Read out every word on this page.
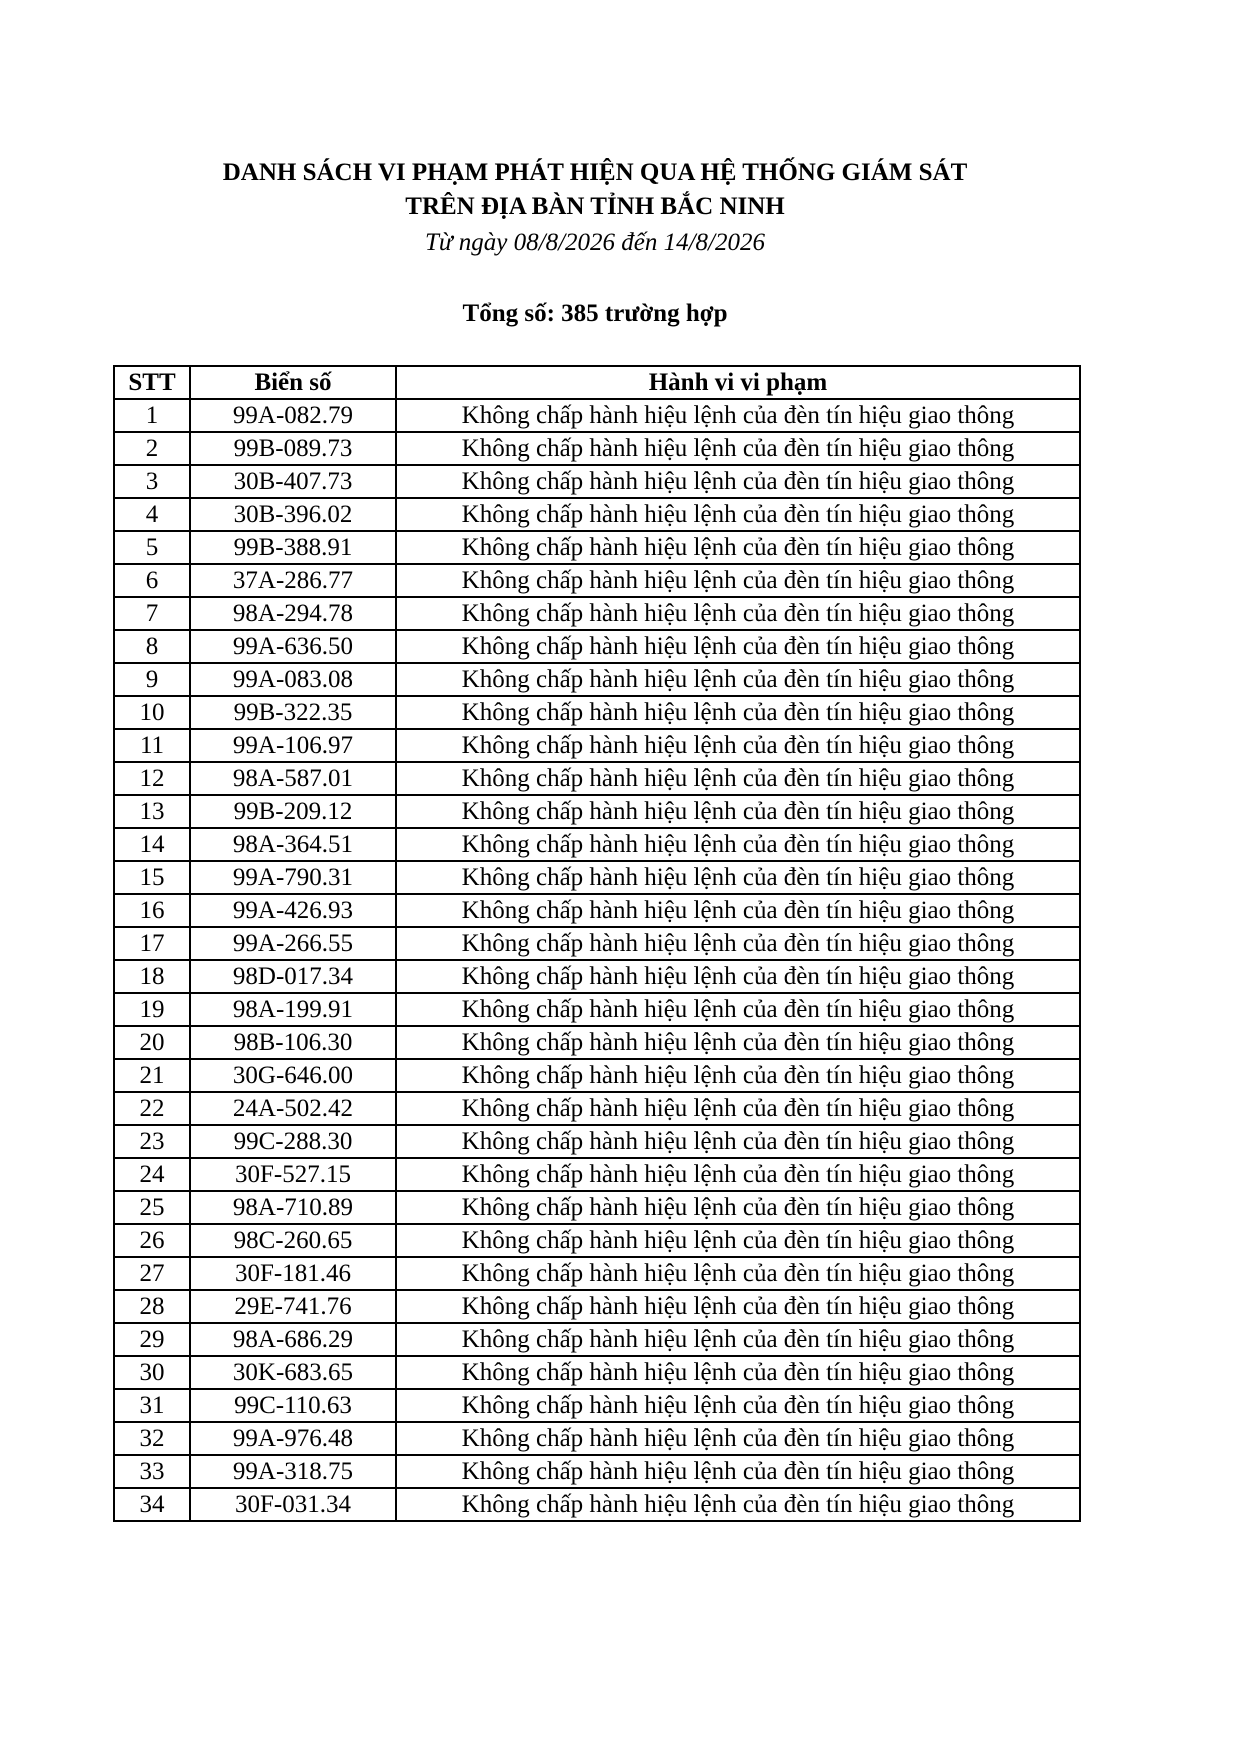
DANH SÁCH VI PHẠM PHÁT HIỆN QUA HỆ THỐNG GIÁM SÁT
TRÊN ĐỊA BÀN TỈNH BẮC NINH
Từ ngày 08/8/2026 đến 14/8/2026
Tổng số: 385 trường hợp
STT	Biển số	Hành vi vi phạm
1	99A-082.79	Không chấp hành hiệu lệnh của đèn tín hiệu giao thông
2	99B-089.73	Không chấp hành hiệu lệnh của đèn tín hiệu giao thông
3	30B-407.73	Không chấp hành hiệu lệnh của đèn tín hiệu giao thông
4	30B-396.02	Không chấp hành hiệu lệnh của đèn tín hiệu giao thông
5	99B-388.91	Không chấp hành hiệu lệnh của đèn tín hiệu giao thông
6	37A-286.77	Không chấp hành hiệu lệnh của đèn tín hiệu giao thông
7	98A-294.78	Không chấp hành hiệu lệnh của đèn tín hiệu giao thông
8	99A-636.50	Không chấp hành hiệu lệnh của đèn tín hiệu giao thông
9	99A-083.08	Không chấp hành hiệu lệnh của đèn tín hiệu giao thông
10	99B-322.35	Không chấp hành hiệu lệnh của đèn tín hiệu giao thông
11	99A-106.97	Không chấp hành hiệu lệnh của đèn tín hiệu giao thông
12	98A-587.01	Không chấp hành hiệu lệnh của đèn tín hiệu giao thông
13	99B-209.12	Không chấp hành hiệu lệnh của đèn tín hiệu giao thông
14	98A-364.51	Không chấp hành hiệu lệnh của đèn tín hiệu giao thông
15	99A-790.31	Không chấp hành hiệu lệnh của đèn tín hiệu giao thông
16	99A-426.93	Không chấp hành hiệu lệnh của đèn tín hiệu giao thông
17	99A-266.55	Không chấp hành hiệu lệnh của đèn tín hiệu giao thông
18	98D-017.34	Không chấp hành hiệu lệnh của đèn tín hiệu giao thông
19	98A-199.91	Không chấp hành hiệu lệnh của đèn tín hiệu giao thông
20	98B-106.30	Không chấp hành hiệu lệnh của đèn tín hiệu giao thông
21	30G-646.00	Không chấp hành hiệu lệnh của đèn tín hiệu giao thông
22	24A-502.42	Không chấp hành hiệu lệnh của đèn tín hiệu giao thông
23	99C-288.30	Không chấp hành hiệu lệnh của đèn tín hiệu giao thông
24	30F-527.15	Không chấp hành hiệu lệnh của đèn tín hiệu giao thông
25	98A-710.89	Không chấp hành hiệu lệnh của đèn tín hiệu giao thông
26	98C-260.65	Không chấp hành hiệu lệnh của đèn tín hiệu giao thông
27	30F-181.46	Không chấp hành hiệu lệnh của đèn tín hiệu giao thông
28	29E-741.76	Không chấp hành hiệu lệnh của đèn tín hiệu giao thông
29	98A-686.29	Không chấp hành hiệu lệnh của đèn tín hiệu giao thông
30	30K-683.65	Không chấp hành hiệu lệnh của đèn tín hiệu giao thông
31	99C-110.63	Không chấp hành hiệu lệnh của đèn tín hiệu giao thông
32	99A-976.48	Không chấp hành hiệu lệnh của đèn tín hiệu giao thông
33	99A-318.75	Không chấp hành hiệu lệnh của đèn tín hiệu giao thông
34	30F-031.34	Không chấp hành hiệu lệnh của đèn tín hiệu giao thông
